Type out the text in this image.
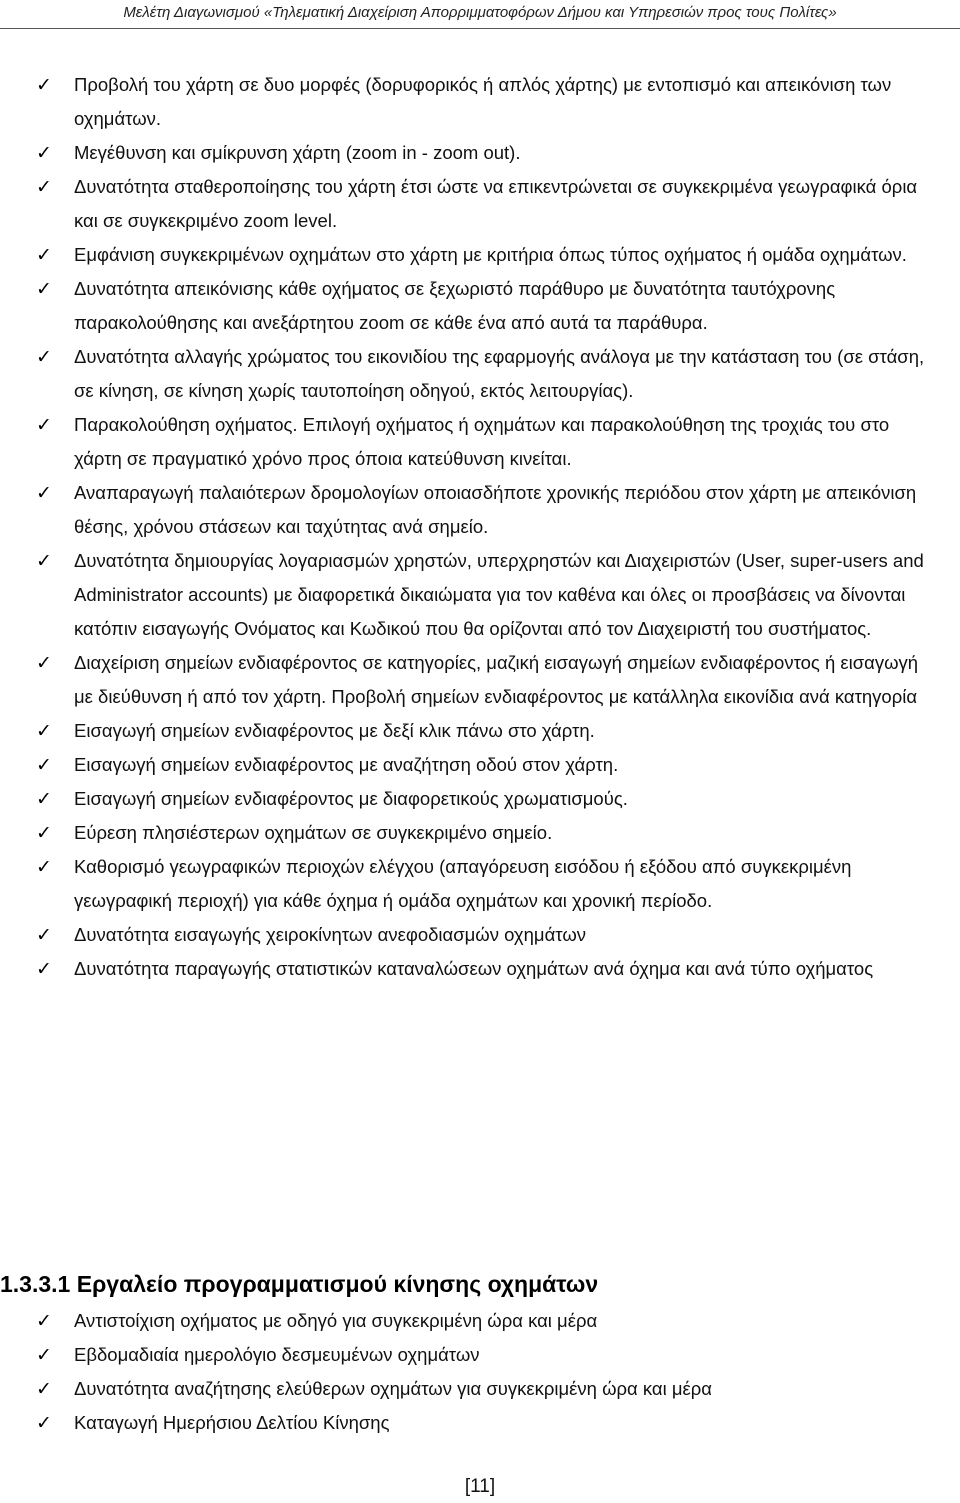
Μελέτη Διαγωνισμού «Τηλεματική Διαχείριση Απορριμματοφόρων Δήμου και Υπηρεσιών προς τους Πολίτες»
✓	Προβολή του χάρτη σε δυο μορφές (δορυφορικός ή απλός χάρτης) με εντοπισμό και απεικόνιση των οχημάτων.
✓	Μεγέθυνση και σμίκρυνση χάρτη (zoom in - zoom out).
✓	Δυνατότητα σταθεροποίησης του χάρτη έτσι ώστε να επικεντρώνεται σε συγκεκριμένα γεωγραφικά όρια και σε συγκεκριμένο zoom level.
✓	Εμφάνιση συγκεκριμένων οχημάτων στο χάρτη με κριτήρια όπως τύπος οχήματος ή ομάδα οχημάτων.
✓	Δυνατότητα απεικόνισης κάθε οχήματος σε ξεχωριστό παράθυρο με δυνατότητα ταυτόχρονης παρακολούθησης και ανεξάρτητου zoom σε κάθε ένα από αυτά τα παράθυρα.
✓	Δυνατότητα αλλαγής χρώματος του εικονιδίου της εφαρμογής ανάλογα με την κατάσταση του (σε στάση, σε κίνηση, σε κίνηση χωρίς ταυτοποίηση οδηγού, εκτός λειτουργίας).
✓	Παρακολούθηση οχήματος. Επιλογή οχήματος ή οχημάτων και παρακολούθηση της τροχιάς του στο χάρτη σε πραγματικό χρόνο προς όποια κατεύθυνση κινείται.
✓	Αναπαραγωγή παλαιότερων δρομολογίων οποιασδήποτε χρονικής περιόδου στον χάρτη με απεικόνιση θέσης, χρόνου στάσεων και ταχύτητας ανά σημείο.
✓	Δυνατότητα δημιουργίας λογαριασμών χρηστών, υπερχρηστών και Διαχειριστών (User, super-users and Administrator accounts) με διαφορετικά δικαιώματα για τον καθένα και όλες οι προσβάσεις να δίνονται κατόπιν εισαγωγής Ονόματος και Κωδικού που θα ορίζονται από τον Διαχειριστή του συστήματος.
✓	Διαχείριση σημείων ενδιαφέροντος σε κατηγορίες, μαζική εισαγωγή σημείων ενδιαφέροντος ή εισαγωγή με διεύθυνση ή από τον χάρτη. Προβολή σημείων ενδιαφέροντος με κατάλληλα εικονίδια ανά κατηγορία
✓	Εισαγωγή σημείων ενδιαφέροντος με δεξί κλικ πάνω στο χάρτη.
✓	Εισαγωγή σημείων ενδιαφέροντος με αναζήτηση οδού στον χάρτη.
✓	Εισαγωγή σημείων ενδιαφέροντος με διαφορετικούς χρωματισμούς.
✓	Εύρεση πλησιέστερων οχημάτων σε συγκεκριμένο σημείο.
✓	Καθορισμό γεωγραφικών περιοχών ελέγχου (απαγόρευση εισόδου ή εξόδου από συγκεκριμένη γεωγραφική περιοχή) για κάθε όχημα ή ομάδα οχημάτων και χρονική περίοδο.
✓	Δυνατότητα εισαγωγής χειροκίνητων ανεφοδιασμών οχημάτων
✓	Δυνατότητα παραγωγής στατιστικών καταναλώσεων οχημάτων ανά όχημα και ανά τύπο οχήματος
1.3.3.1 Εργαλείο προγραμματισμού κίνησης οχημάτων
✓	Αντιστοίχιση οχήματος με οδηγό για συγκεκριμένη ώρα και μέρα
✓	Εβδομαδιαία ημερολόγιο δεσμευμένων οχημάτων
✓	Δυνατότητα αναζήτησης ελεύθερων οχημάτων για συγκεκριμένη ώρα και μέρα
✓	Καταγωγή Ημερήσιου Δελτίου Κίνησης
[11]
